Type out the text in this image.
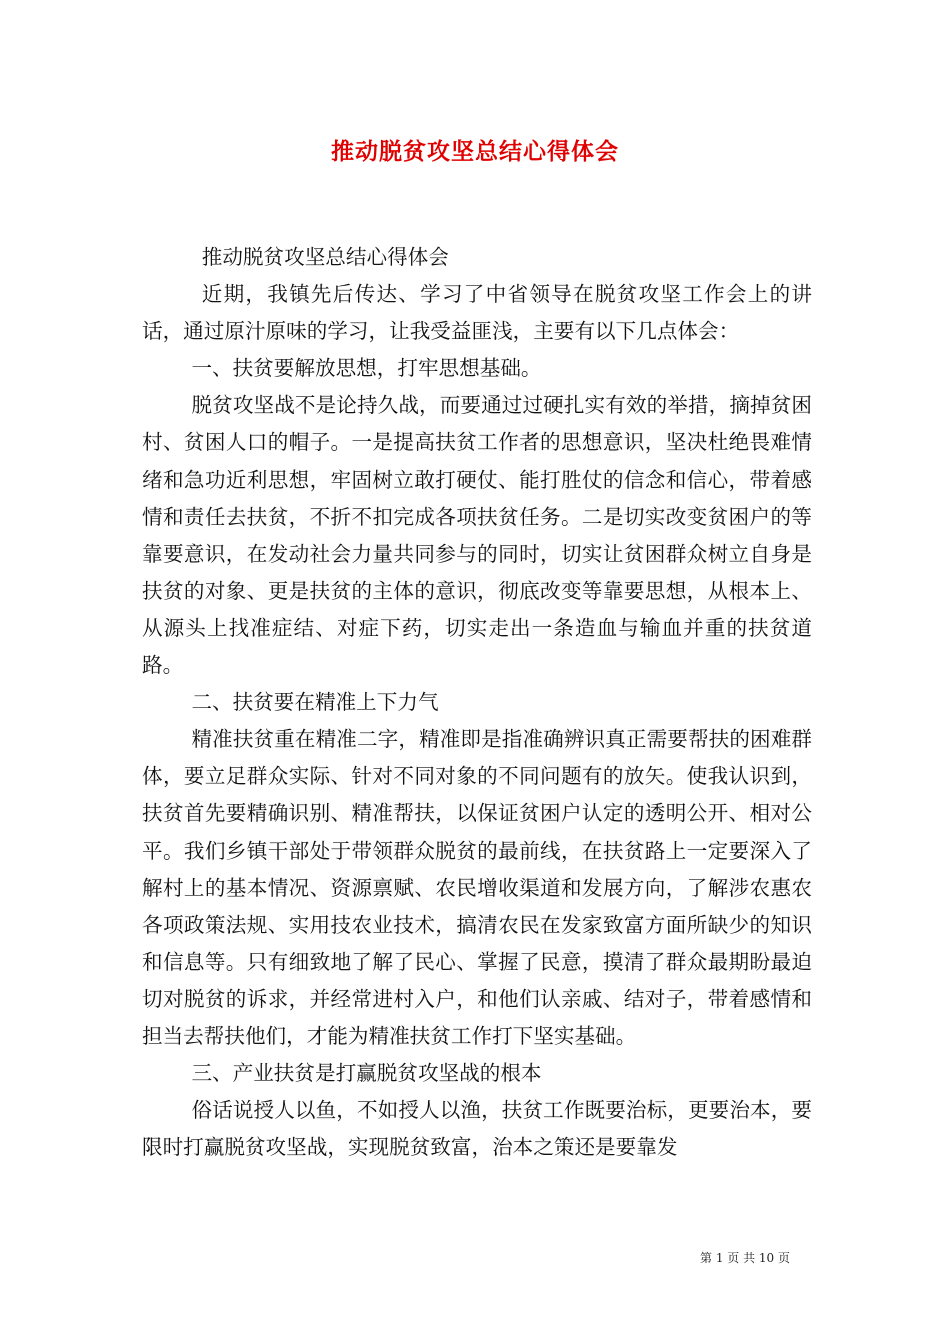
推动脱贫攻坚总结心得体会

推动脱贫攻坚总结心得体会

近期，我镇先后传达、学习了中省领导在脱贫攻坚工作会上的讲话，通过原汁原味的学习，让我受益匪浅，主要有以下几点体会：

一、扶贫要解放思想，打牢思想基础。

脱贫攻坚战不是论持久战，而要通过过硬扎实有效的举措，摘掉贫困村、贫困人口的帽子。一是提高扶贫工作者的思想意识，坚决杜绝畏难情绪和急功近利思想，牢固树立敢打硬仗、能打胜仗的信念和信心，带着感情和责任去扶贫，不折不扣完成各项扶贫任务。二是切实改变贫困户的等靠要意识，在发动社会力量共同参与的同时，切实让贫困群众树立自身是扶贫的对象、更是扶贫的主体的意识，彻底改变等靠要思想，从根本上、从源头上找准症结、对症下药，切实走出一条造血与输血并重的扶贫道路。

二、扶贫要在精准上下力气

精准扶贫重在精准二字，精准即是指准确辨识真正需要帮扶的困难群体，要立足群众实际、针对不同对象的不同问题有的放矢。使我认识到，扶贫首先要精确识别、精准帮扶，以保证贫困户认定的透明公开、相对公平。我们乡镇干部处于带领群众脱贫的最前线，在扶贫路上一定要深入了解村上的基本情况、资源禀赋、农民增收渠道和发展方向，了解涉农惠农各项政策法规、实用技农业技术，搞清农民在发家致富方面所缺少的知识和信息等。只有细致地了解了民心、掌握了民意，摸清了群众最期盼最迫切对脱贫的诉求，并经常进村入户，和他们认亲戚、结对子，带着感情和担当去帮扶他们，才能为精准扶贫工作打下坚实基础。

三、产业扶贫是打赢脱贫攻坚战的根本

俗话说授人以鱼，不如授人以渔，扶贫工作既要治标，更要治本，要限时打赢脱贫攻坚战，实现脱贫致富，治本之策还是要靠发

第 1 页 共 10 页
